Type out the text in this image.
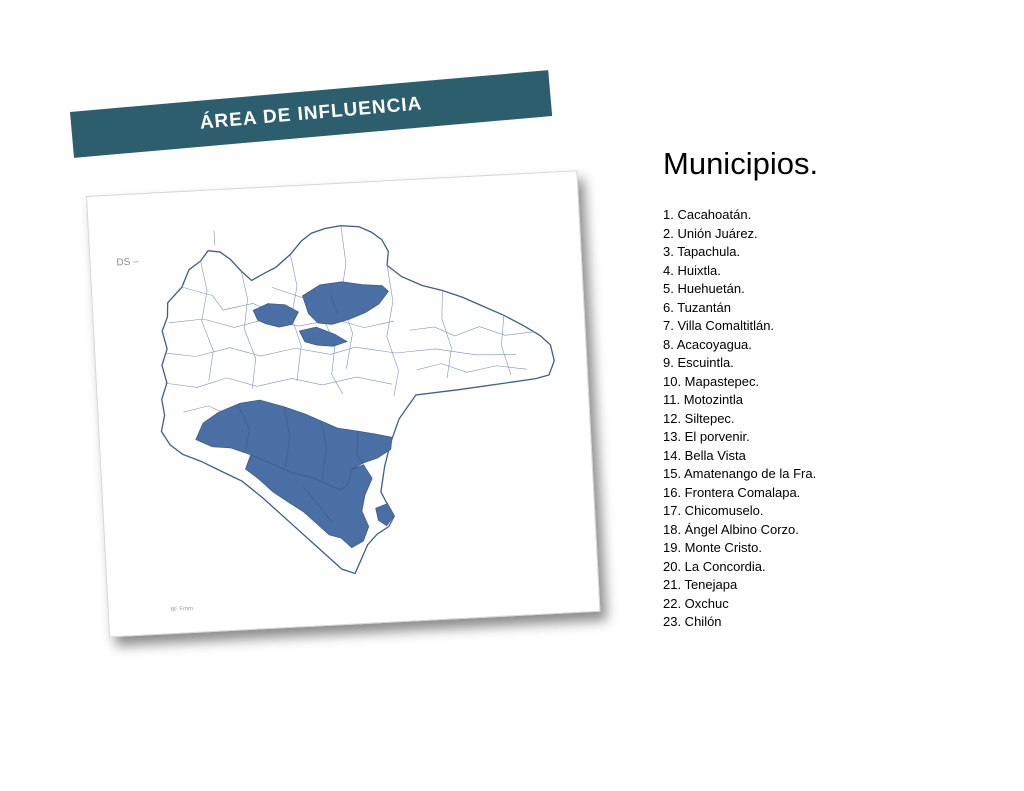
ÁREA DE INFLUENCIA
DS –
6F Fmm
Municipios.
1. Cacahoatán.
2. Unión Juárez.
3. Tapachula.
4. Huixtla.
5. Huehuetán.
6. Tuzantán
7. Villa Comaltitlán.
8. Acacoyagua.
9. Escuintla.
10. Mapastepec.
11. Motozintla
12. Siltepec.
13. El porvenir.
14. Bella Vista
15. Amatenango de la Fra.
16. Frontera Comalapa.
17. Chicomuselo.
18. Ángel Albino Corzo.
19. Monte Cristo.
20. La Concordia.
21. Tenejapa
22. Oxchuc
23. Chilón
